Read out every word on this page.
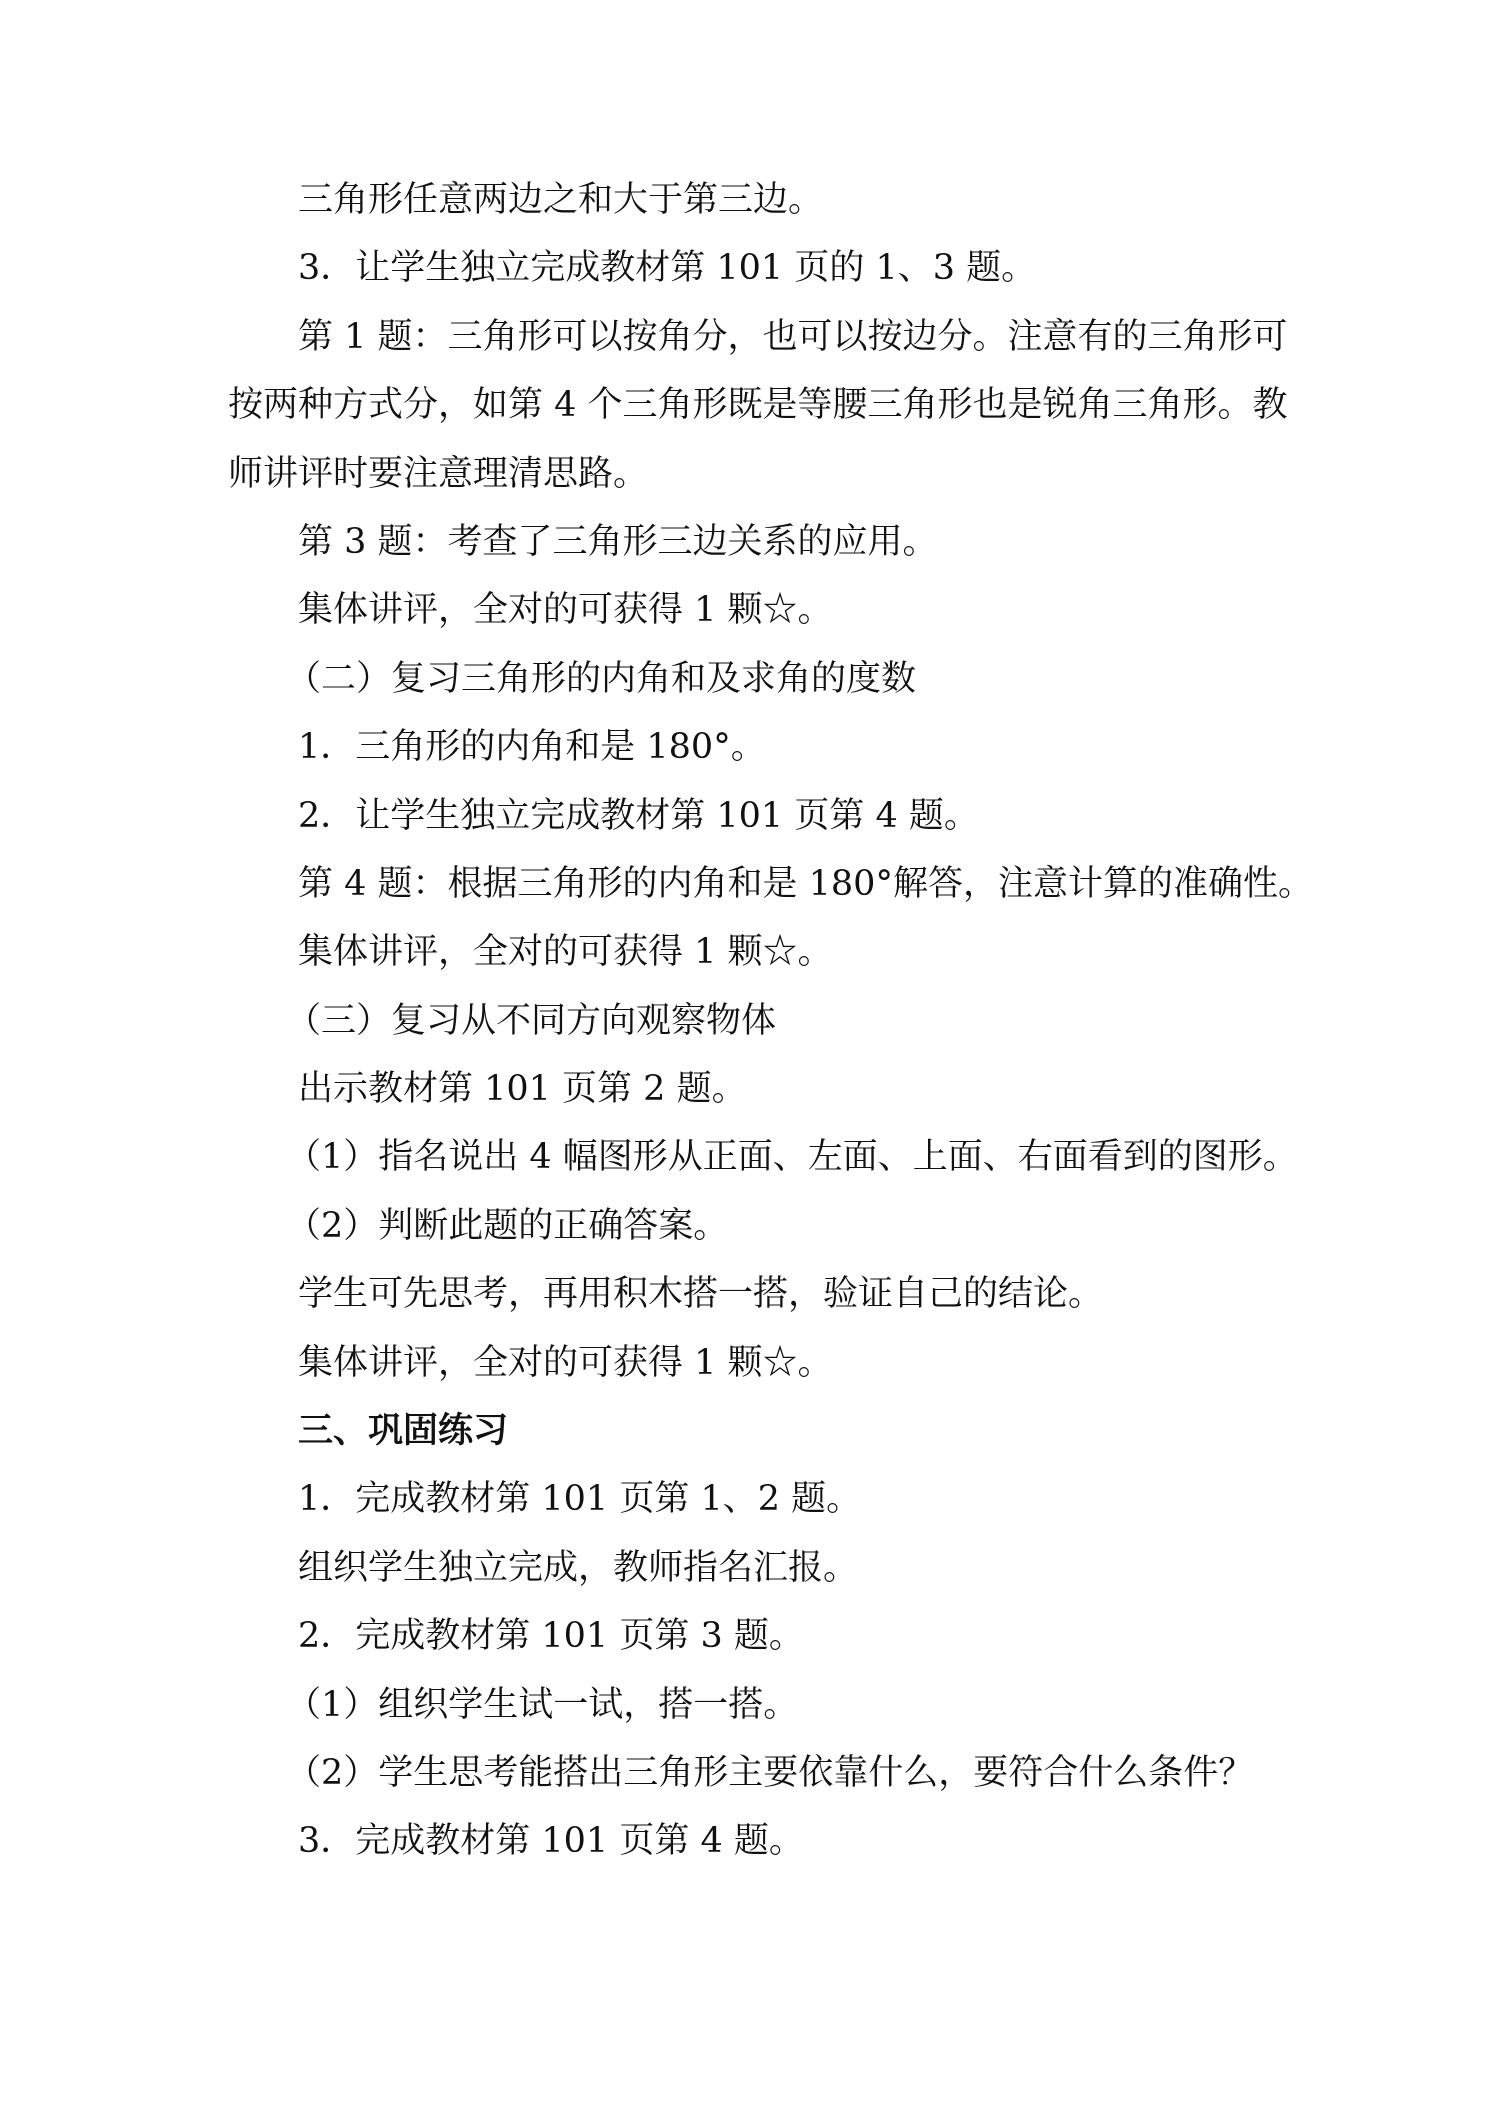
三角形任意两边之和大于第三边。
3．让学生独立完成教材第 101 页的 1、3 题。
第 1 题：三角形可以按角分，也可以按边分。注意有的三角形可
按两种方式分，如第 4 个三角形既是等腰三角形也是锐角三角形。教
师讲评时要注意理清思路。
第 3 题：考查了三角形三边关系的应用。
集体讲评，全对的可获得 1 颗☆。
（二）复习三角形的内角和及求角的度数
1．三角形的内角和是 180°。
2．让学生独立完成教材第 101 页第 4 题。
第 4 题：根据三角形的内角和是 180°解答，注意计算的准确性。
集体讲评，全对的可获得 1 颗☆。
（三）复习从不同方向观察物体
出示教材第 101 页第 2 题。
（1）指名说出 4 幅图形从正面、左面、上面、右面看到的图形。
（2）判断此题的正确答案。
学生可先思考，再用积木搭一搭，验证自己的结论。
集体讲评，全对的可获得 1 颗☆。
三、巩固练习
1．完成教材第 101 页第 1、2 题。
组织学生独立完成，教师指名汇报。
2．完成教材第 101 页第 3 题。
（1）组织学生试一试，搭一搭。
（2）学生思考能搭出三角形主要依靠什么，要符合什么条件？
3．完成教材第 101 页第 4 题。
